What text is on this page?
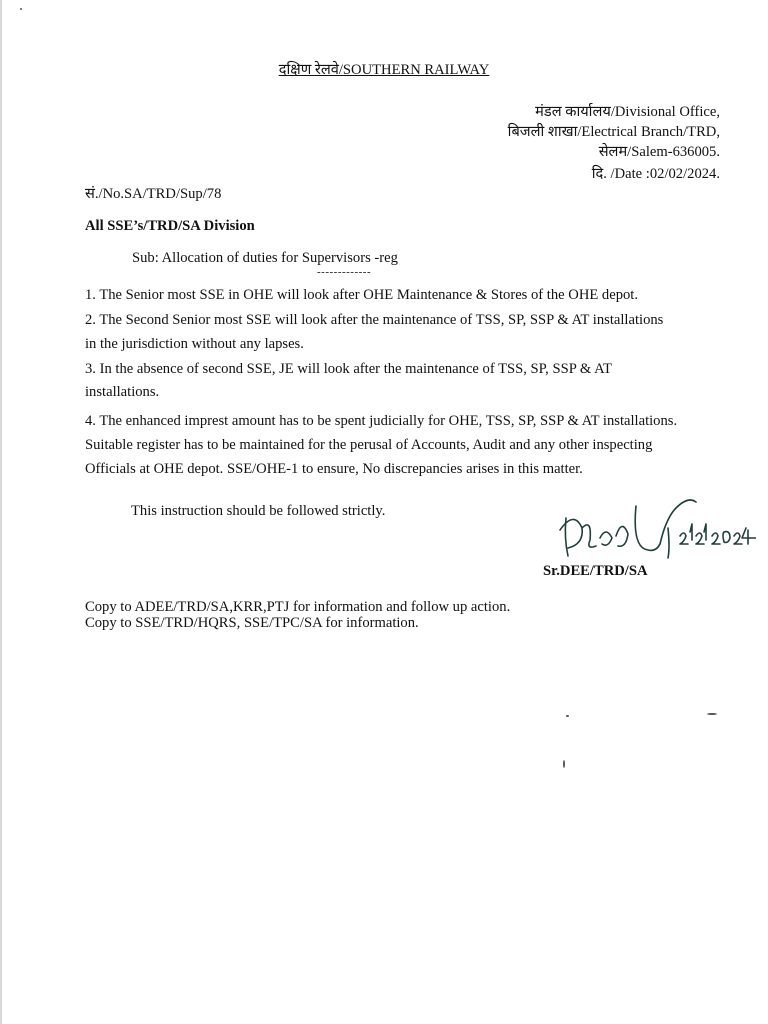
दक्षिण रेलवे/SOUTHERN RAILWAY
मंडल कार्यालय/Divisional Office,
बिजली शाखा/Electrical Branch/TRD,
सेलम/Salem-636005.
दि. /Date :02/02/2024.
सं./No.SA/TRD/Sup/78
All SSE’s/TRD/SA Division
Sub: Allocation of duties for Supervisors -reg
-------------
1. The Senior most SSE in OHE will look after OHE Maintenance & Stores of the OHE depot.
2. The Second Senior most SSE will look after the maintenance of TSS, SP, SSP & AT installations
in the jurisdiction without any lapses.
3. In the absence of second SSE, JE will look after the maintenance of TSS, SP, SSP & AT
installations.
4. The enhanced imprest amount has to be spent judicially for OHE, TSS, SP, SSP & AT installations.
Suitable register has to be maintained for the perusal of Accounts, Audit and any other inspecting
Officials at OHE depot. SSE/OHE-1 to ensure, No discrepancies arises in this matter.
This instruction should be followed strictly.
Sr.DEE/TRD/SA
Copy to ADEE/TRD/SA,KRR,PTJ for information and follow up action.
Copy to SSE/TRD/HQRS, SSE/TPC/SA for information.
